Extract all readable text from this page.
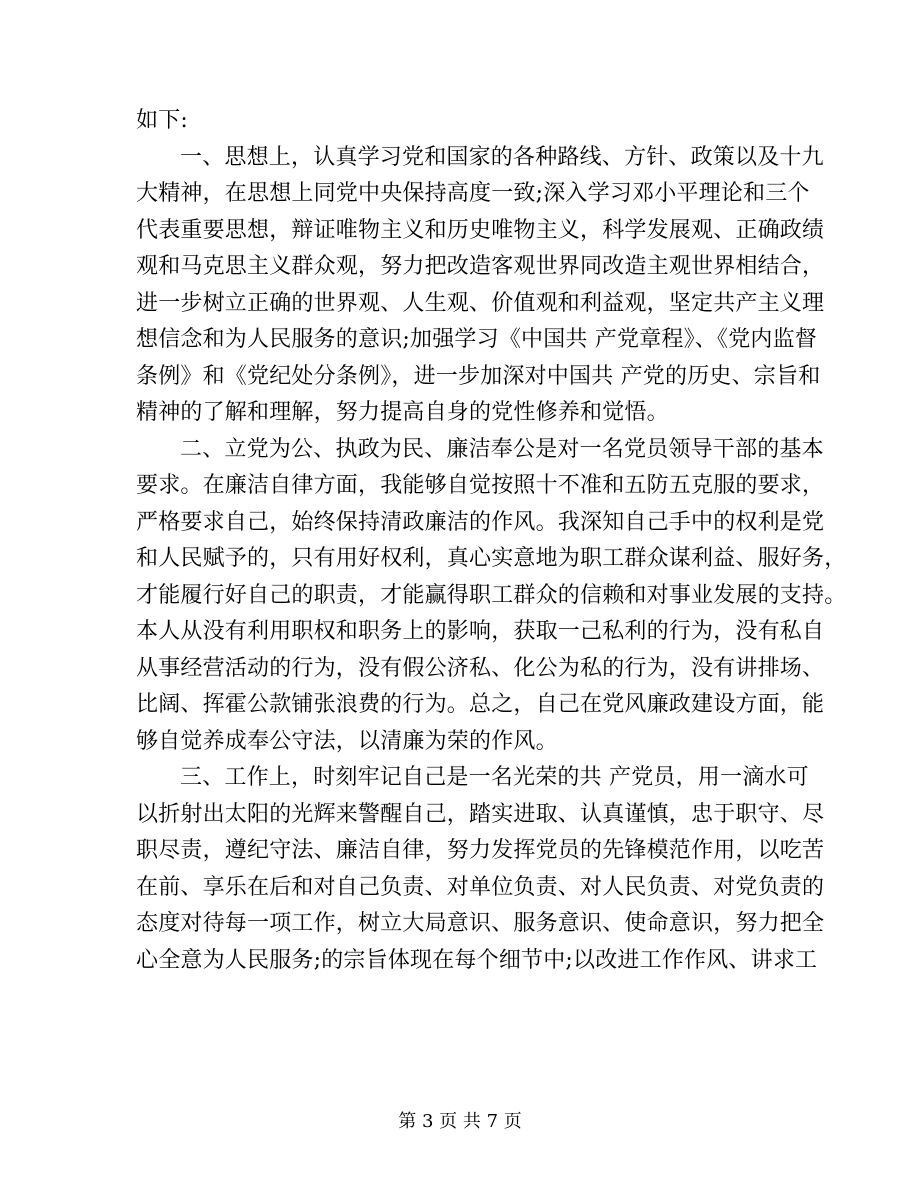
如下:
一、思想上，认真学习党和国家的各种路线、方针、政策以及十九
大精神，在思想上同党中央保持高度一致;深入学习邓小平理论和三个
代表重要思想，辩证唯物主义和历史唯物主义，科学发展观、正确政绩
观和马克思主义群众观，努力把改造客观世界同改造主观世界相结合，
进一步树立正确的世界观、人生观、价值观和利益观，坚定共产主义理
想信念和为人民服务的意识;加强学习《中国共 产党章程》、《党内监督
条例》和《党纪处分条例》，进一步加深对中国共 产党的历史、宗旨和
精神的了解和理解，努力提高自身的党性修养和觉悟。
二、立党为公、执政为民、廉洁奉公是对一名党员领导干部的基本
要求。在廉洁自律方面，我能够自觉按照十不准和五防五克服的要求，
严格要求自己，始终保持清政廉洁的作风。我深知自己手中的权利是党
和人民赋予的，只有用好权利，真心实意地为职工群众谋利益、服好务，
才能履行好自己的职责，才能赢得职工群众的信赖和对事业发展的支持。
本人从没有利用职权和职务上的影响，获取一己私利的行为，没有私自
从事经营活动的行为，没有假公济私、化公为私的行为，没有讲排场、
比阔、挥霍公款铺张浪费的行为。总之，自己在党风廉政建设方面，能
够自觉养成奉公守法，以清廉为荣的作风。
三、工作上，时刻牢记自己是一名光荣的共 产党员，用一滴水可
以折射出太阳的光辉来警醒自己，踏实进取、认真谨慎，忠于职守、尽
职尽责，遵纪守法、廉洁自律，努力发挥党员的先锋模范作用，以吃苦
在前、享乐在后和对自己负责、对单位负责、对人民负责、对党负责的
态度对待每一项工作，树立大局意识、服务意识、使命意识，努力把全
心全意为人民服务;的宗旨体现在每个细节中;以改进工作作风、讲求工
第 3 页 共 7 页
